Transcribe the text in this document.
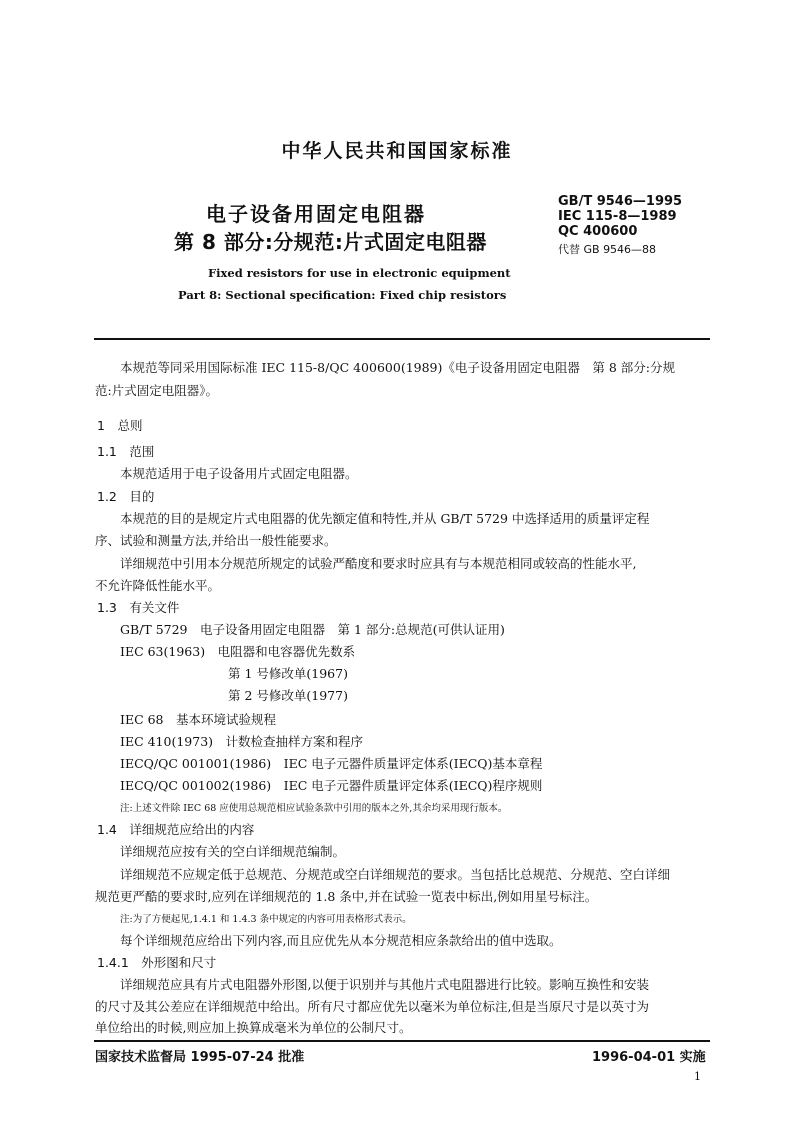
中华人民共和国国家标准
电子设备用固定电阻器
第 8 部分:分规范:片式固定电阻器
Fixed resistors for use in electronic equipment
Part 8: Sectional specification: Fixed chip resistors
GB/T 9546—1995
IEC 115-8—1989
QC 400600
代替 GB 9546—88
本规范等同采用国际标准 IEC 115-8/QC 400600(1989)《电子设备用固定电阻器　第 8 部分:分规
范:片式固定电阻器》。
1　总则
1.1　范围
本规范适用于电子设备用片式固定电阻器。
1.2　目的
本规范的目的是规定片式电阻器的优先额定值和特性,并从 GB/T 5729 中选择适用的质量评定程
序、试验和测量方法,并给出一般性能要求。
详细规范中引用本分规范所规定的试验严酷度和要求时应具有与本规范相同或较高的性能水平,
不允许降低性能水平。
1.3　有关文件
GB/T 5729　电子设备用固定电阻器　第 1 部分:总规范(可供认证用)
IEC 63(1963)　电阻器和电容器优先数系
第 1 号修改单(1967)
第 2 号修改单(1977)
IEC 68　基本环境试验规程
IEC 410(1973)　计数检查抽样方案和程序
IECQ/QC 001001(1986)　IEC 电子元器件质量评定体系(IECQ)基本章程
IECQ/QC 001002(1986)　IEC 电子元器件质量评定体系(IECQ)程序规则
注:上述文件除 IEC 68 应使用总规范相应试验条款中引用的版本之外,其余均采用现行版本。
1.4　详细规范应给出的内容
详细规范应按有关的空白详细规范编制。
详细规范不应规定低于总规范、分规范或空白详细规范的要求。当包括比总规范、分规范、空白详细
规范更严酷的要求时,应列在详细规范的 1.8 条中,并在试验一览表中标出,例如用星号标注。
注:为了方便起见,1.4.1 和 1.4.3 条中规定的内容可用表格形式表示。
每个详细规范应给出下列内容,而且应优先从本分规范相应条款给出的值中选取。
1.4.1　外形图和尺寸
详细规范应具有片式电阻器外形图,以便于识别并与其他片式电阻器进行比较。影响互换性和安装
的尺寸及其公差应在详细规范中给出。所有尺寸都应优先以毫米为单位标注,但是当原尺寸是以英寸为
单位给出的时候,则应加上换算成毫米为单位的公制尺寸。
国家技术监督局 1995-07-24 批准	1996-04-01 实施
1
